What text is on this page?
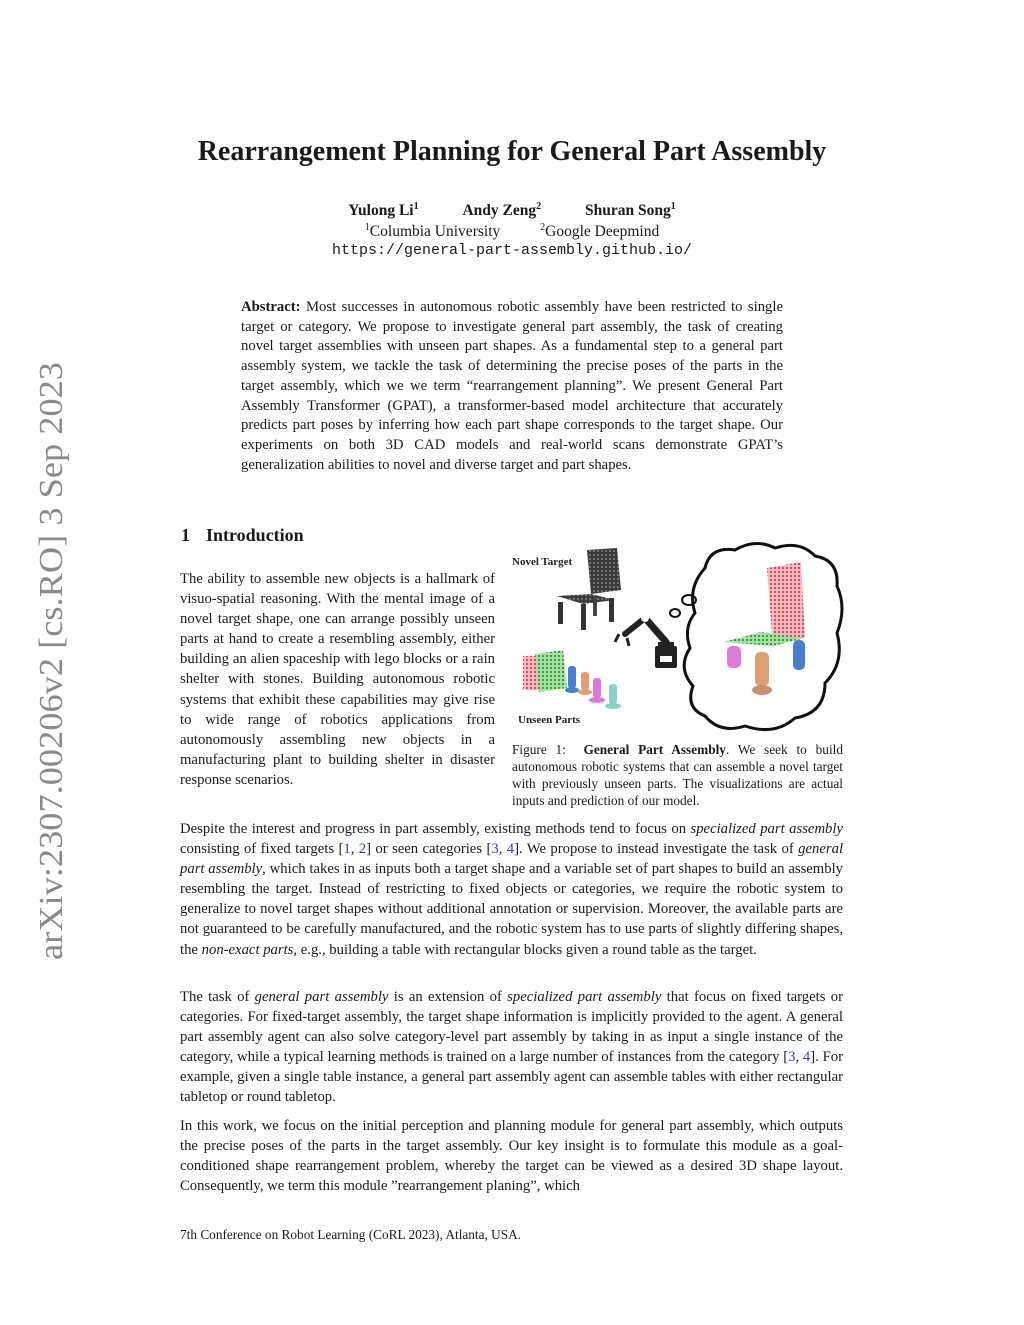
arXiv:2307.00206v2 [cs.RO] 3 Sep 2023
Rearrangement Planning for General Part Assembly
Yulong Li$^1$	Andy Zeng$^2$	Shuran Song$^1$
$^1$Columbia University	$^2$Google Deepmind
https://general-part-assembly.github.io/
Abstract: Most successes in autonomous robotic assembly have been restricted to single target or category. We propose to investigate general part assembly, the task of creating novel target assemblies with unseen part shapes. As a fundamental step to a general part assembly system, we tackle the task of determining the precise poses of the parts in the target assembly, which we we term “rearrangement planning”. We present General Part Assembly Transformer (GPAT), a transformer-based model architecture that accurately predicts part poses by inferring how each part shape corresponds to the target shape. Our experiments on both 3D CAD models and real-world scans demonstrate GPAT’s generalization abilities to novel and diverse target and part shapes.
1 Introduction
The ability to assemble new objects is a hallmark of visuo-spatial reasoning. With the mental image of a novel target shape, one can arrange possibly unseen parts at hand to create a resembling assembly, either building an alien spaceship with lego blocks or a rain shelter with stones. Building autonomous robotic systems that exhibit these capabilities may give rise to wide range of robotics applications from autonomously assembling new objects in a manufacturing plant to building shelter in disaster response scenarios.
Novel Target
Unseen Parts
Figure 1: General Part Assembly. We seek to build autonomous robotic systems that can assemble a novel target with previously unseen parts. The visualizations are actual inputs and prediction of our model.
Despite the interest and progress in part assembly, existing methods tend to focus on specialized part assembly consisting of fixed targets [1, 2] or seen categories [3, 4]. We propose to instead investigate the task of general part assembly, which takes in as inputs both a target shape and a variable set of part shapes to build an assembly resembling the target. Instead of restricting to fixed objects or categories, we require the robotic system to generalize to novel target shapes without additional annotation or supervision. Moreover, the available parts are not guaranteed to be carefully manufactured, and the robotic system has to use parts of slightly differing shapes, the non-exact parts, e.g., building a table with rectangular blocks given a round table as the target.
The task of general part assembly is an extension of specialized part assembly that focus on fixed targets or categories. For fixed-target assembly, the target shape information is implicitly provided to the agent. A general part assembly agent can also solve category-level part assembly by taking in as input a single instance of the category, while a typical learning methods is trained on a large number of instances from the category [3, 4]. For example, given a single table instance, a general part assembly agent can assemble tables with either rectangular tabletop or round tabletop.
In this work, we focus on the initial perception and planning module for general part assembly, which outputs the precise poses of the parts in the target assembly. Our key insight is to formulate this module as a goal-conditioned shape rearrangement problem, whereby the target can be viewed as a desired 3D shape layout. Consequently, we term this module ”rearrangement planing”, which
7th Conference on Robot Learning (CoRL 2023), Atlanta, USA.
